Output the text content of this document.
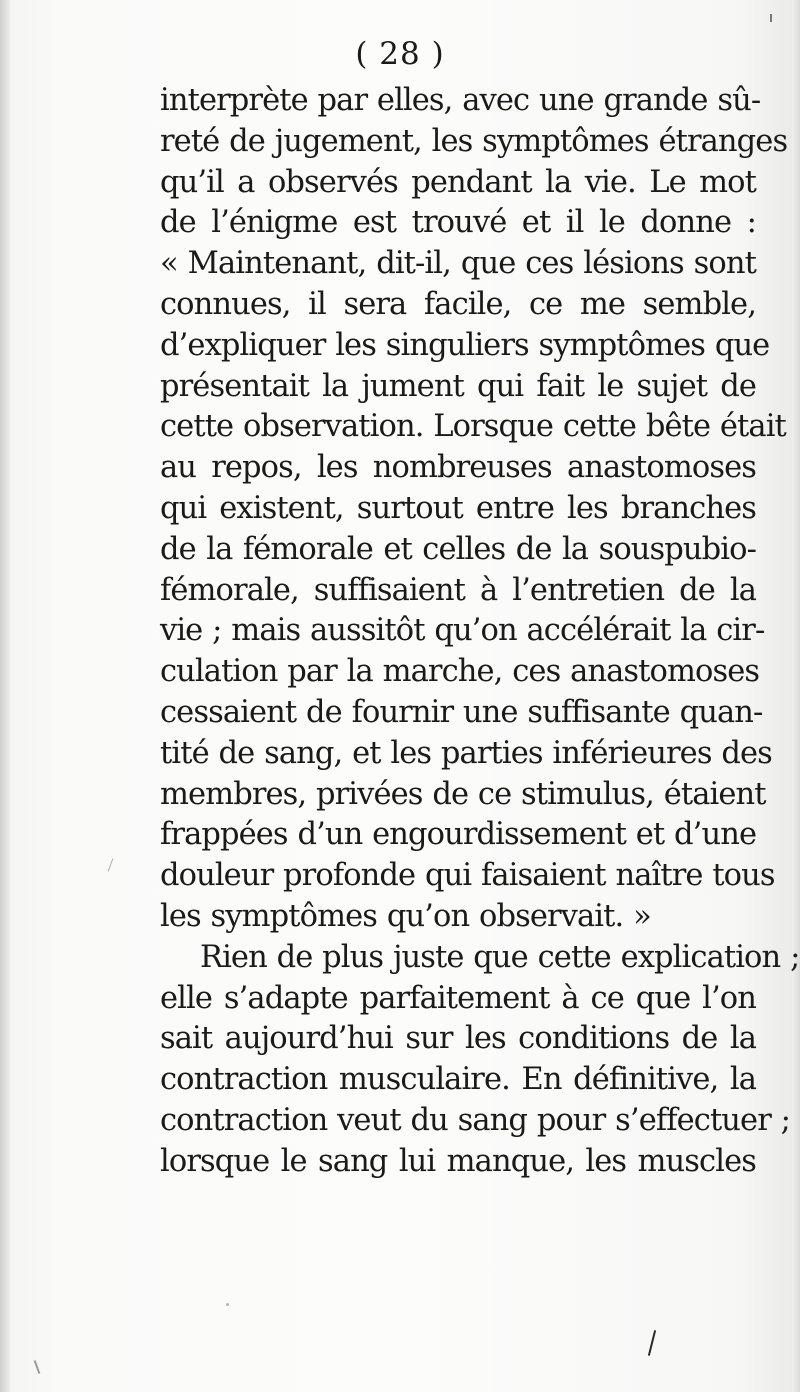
( 28 )
interprète par elles, avec une grande sû-
reté de jugement, les symptômes étranges
qu’il a observés pendant la vie. Le mot
de l’énigme est trouvé et il le donne :
« Maintenant, dit-il, que ces lésions sont
connues, il sera facile, ce me semble,
d’expliquer les singuliers symptômes que
présentait la jument qui fait le sujet de
cette observation. Lorsque cette bête était
au repos, les nombreuses anastomoses
qui existent, surtout entre les branches
de la fémorale et celles de la souspubio-
fémorale, suffisaient à l’entretien de la
vie ; mais aussitôt qu’on accélérait la cir-
culation par la marche, ces anastomoses
cessaient de fournir une suffisante quan-
tité de sang, et les parties inférieures des
membres, privées de ce stimulus, étaient
frappées d’un engourdissement et d’une
douleur profonde qui faisaient naître tous
les symptômes qu’on observait. »
Rien de plus juste que cette explication ;
elle s’adapte parfaitement à ce que l’on
sait aujourd’hui sur les conditions de la
contraction musculaire. En définitive, la
contraction veut du sang pour s’effectuer ;
lorsque le sang lui manque, les muscles
